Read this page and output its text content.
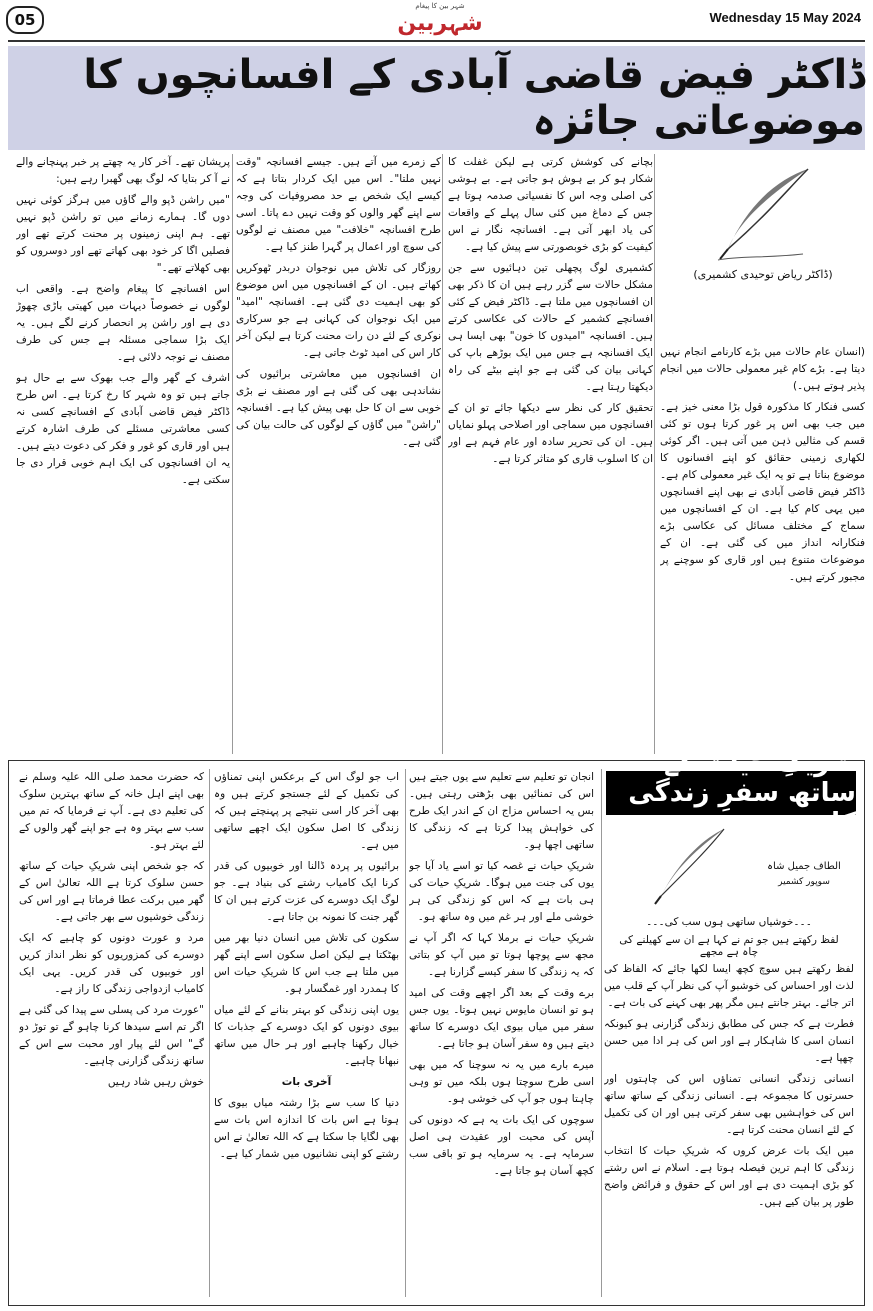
05
شہر بین کا پیغام
شہربین	Wednesday 15 May 2024
ڈاکٹر فیض قاضی آبادی کے افسانچوں کا موضوعاتی جائزہ
(ڈاکٹر ریاض توحیدی کشمیری)

(انسان عام حالات میں بڑے کارنامے انجام نہیں دیتا ہے۔ بڑے کام غیر معمولی حالات میں انجام پذیر ہوتے ہیں۔)

کسی فنکار کا مذکورہ قول بڑا معنی خیز ہے۔ میں جب بھی اس پر غور کرتا ہوں تو کئی قسم کی مثالیں ذہن میں آتی ہیں۔ اگر کوئی لکھاری زمینی حقائق کو اپنے افسانوں کا موضوع بناتا ہے تو یہ ایک غیر معمولی کام ہے۔ ڈاکٹر فیض قاضی آبادی نے بھی اپنے افسانچوں میں یہی کام کیا ہے۔ ان کے افسانچوں میں سماج کے مختلف مسائل کی عکاسی بڑے فنکارانہ انداز میں کی گئی ہے۔ ان کے موضوعات متنوع ہیں اور قاری کو سوچنے پر مجبور کرتے ہیں۔

بچانے کی کوشش کرتی ہے لیکن غفلت کا شکار ہو کر بے ہوش ہو جاتی ہے۔ بے ہوشی کی اصلی وجہ اس کا نفسیاتی صدمہ ہوتا ہے جس کے دماغ میں کئی سال پہلے کے واقعات کی یاد ابھر آتی ہے۔ افسانچہ نگار نے اس کیفیت کو بڑی خوبصورتی سے پیش کیا ہے۔

کشمیری لوگ پچھلی تین دہائیوں سے جن مشکل حالات سے گزر رہے ہیں ان کا ذکر بھی ان افسانچوں میں ملتا ہے۔ ڈاکٹر فیض کے کئی افسانچے کشمیر کے حالات کی عکاسی کرتے ہیں۔ افسانچہ "امیدوں کا خون" بھی ایسا ہی ایک افسانچہ ہے جس میں ایک بوڑھے باپ کی کہانی بیان کی گئی ہے جو اپنے بیٹے کی راہ دیکھتا رہتا ہے۔

تحقیق کار کی نظر سے دیکھا جائے تو ان کے افسانچوں میں سماجی اور اصلاحی پہلو نمایاں ہیں۔ ان کی تحریر سادہ اور عام فہم ہے اور ان کا اسلوب قاری کو متاثر کرتا ہے۔

کے زمرے میں آتے ہیں۔ جیسے افسانچہ "وقت نہیں ملتا"۔ اس میں ایک کردار بتاتا ہے کہ کیسے ایک شخص بے حد مصروفیات کی وجہ سے اپنے گھر والوں کو وقت نہیں دے پاتا۔ اسی طرح افسانچہ "خلافت" میں مصنف نے لوگوں کی سوچ اور اعمال پر گہرا طنز کیا ہے۔

روزگار کی تلاش میں نوجوان دربدر ٹھوکریں کھاتے ہیں۔ ان کے افسانچوں میں اس موضوع کو بھی اہمیت دی گئی ہے۔ افسانچہ "امید" میں ایک نوجوان کی کہانی ہے جو سرکاری نوکری کے لئے دن رات محنت کرتا ہے لیکن آخر کار اس کی امید ٹوٹ جاتی ہے۔

ان افسانچوں میں معاشرتی برائیوں کی نشاندہی بھی کی گئی ہے اور مصنف نے بڑی خوبی سے ان کا حل بھی پیش کیا ہے۔ افسانچہ "راشن" میں گاؤں کے لوگوں کی حالت بیان کی گئی ہے۔

پریشان تھے۔ آخر کار یہ چھتے پر خبر پہنچانے والے نے آ کر بتایا کہ لوگ بھی گھبرا رہے ہیں:

"میں راشن ڈپو والے گاؤں میں ہرگز کوئی نہیں دوں گا۔ ہمارے زمانے میں تو راشن ڈپو نہیں تھے۔ ہم اپنی زمینوں پر محنت کرتے تھے اور فصلیں اگا کر خود بھی کھاتے تھے اور دوسروں کو بھی کھلاتے تھے۔"

اس افسانچے کا پیغام واضح ہے۔ واقعی اب لوگوں نے خصوصاً دیہات میں کھیتی باڑی چھوڑ دی ہے اور راشن پر انحصار کرنے لگے ہیں۔ یہ ایک بڑا سماجی مسئلہ ہے جس کی طرف مصنف نے توجہ دلائی ہے۔

اشرف کے گھر والے جب بھوک سے بے حال ہو جاتے ہیں تو وہ شہر کا رخ کرتا ہے۔ اس طرح ڈاکٹر فیض قاضی آبادی کے افسانچے کسی نہ کسی معاشرتی مسئلے کی طرف اشارہ کرتے ہیں اور قاری کو غور و فکر کی دعوت دیتے ہیں۔ یہ ان افسانچوں کی ایک اہم خوبی قرار دی جا سکتی ہے۔

شریکِ حیات کے ساتھ سفرِ زندگی کا
الطاف جمیل شاہ
سوپور کشمیر
۔۔۔خوشیاں ساتھی ہوں سب کی۔۔۔
لفظ رکھتے ہیں جو تم نے کہا ہے ان سے کھیلنے کی چاہ ہے مجھے

لفظ رکھتے ہیں سوچ کچھ ایسا لکھا جائے کہ الفاظ کی لذت اور احساس کی خوشبو آپ کی نظر آپ کے قلب میں اتر جائے۔ بہتر جانتے ہیں مگر پھر بھی کہنے کی بات ہے۔

فطرت ہے کہ جس کی مطابق زندگی گزارنی ہو کیونکہ انسان اسی کا شاہکار ہے اور اس کی ہر ادا میں حسن چھپا ہے۔

انسانی زندگی انسانی تمناؤں اس کی چاہتوں اور حسرتوں کا مجموعہ ہے۔ انسانی زندگی کے ساتھ ساتھ اس کی خواہشیں بھی سفر کرتی ہیں اور ان کی تکمیل کے لئے انسان محنت کرتا ہے۔

میں ایک بات عرض کروں کہ شریکِ حیات کا انتخاب زندگی کا اہم ترین فیصلہ ہوتا ہے۔ اسلام نے اس رشتے کو بڑی اہمیت دی ہے اور اس کے حقوق و فرائض واضح طور پر بیان کیے ہیں۔

انجان تو تعلیم سے تعلیم سے یوں جیتے ہیں اس کی تمنائیں بھی بڑھتی رہتی ہیں۔ بس یہ احساس مزاج ان کے اندر ایک طرح کی خواہش پیدا کرتا ہے کہ زندگی کا ساتھی اچھا ہو۔

شریکِ حیات نے غصہ کیا تو اسے یاد آیا جو یوں کی جنت میں ہوگا۔ شریکِ حیات کی ہی بات ہے کہ اس کو زندگی کی ہر خوشی ملے اور ہر غم میں وہ ساتھ ہو۔

شریکِ حیات نے برملا کہا کہ اگر آپ نے مجھ سے پوچھا ہوتا تو میں آپ کو بتاتی کہ یہ زندگی کا سفر کیسے گزارنا ہے۔

برے وقت کے بعد اگر اچھے وقت کی امید ہو تو انسان مایوس نہیں ہوتا۔ یوں جس سفر میں میاں بیوی ایک دوسرے کا ساتھ دیتے ہیں وہ سفر آسان ہو جاتا ہے۔

میرے بارے میں یہ نہ سوچنا کہ میں بھی اسی طرح سوچتا ہوں بلکہ میں تو وہی چاہتا ہوں جو آپ کی خوشی ہو۔

سوچوں کی ایک بات یہ ہے کہ دونوں کی آپس کی محبت اور عقیدت ہی اصل سرمایہ ہے۔ یہ سرمایہ ہو تو باقی سب کچھ آسان ہو جاتا ہے۔

اب جو لوگ اس کے برعکس اپنی تمناؤں کی تکمیل کے لئے جستجو کرتے ہیں وہ بھی آخر کار اسی نتیجے پر پہنچتے ہیں کہ زندگی کا اصل سکون ایک اچھے ساتھی میں ہے۔

برائیوں پر پردہ ڈالنا اور خوبیوں کی قدر کرنا ایک کامیاب رشتے کی بنیاد ہے۔ جو لوگ ایک دوسرے کی عزت کرتے ہیں ان کا گھر جنت کا نمونہ بن جاتا ہے۔

سکون کی تلاش میں انسان دنیا بھر میں بھٹکتا ہے لیکن اصل سکون اسے اپنے گھر میں ملتا ہے جب اس کا شریکِ حیات اس کا ہمدرد اور غمگسار ہو۔

یوں اپنی زندگی کو بہتر بنانے کے لئے میاں بیوی دونوں کو ایک دوسرے کے جذبات کا خیال رکھنا چاہیے اور ہر حال میں ساتھ نبھانا چاہیے۔

آخری بات

دنیا کا سب سے بڑا رشتہ میاں بیوی کا ہوتا ہے اس بات کا اندازہ اس بات سے بھی لگایا جا سکتا ہے کہ اللہ تعالیٰ نے اس رشتے کو اپنی نشانیوں میں شمار کیا ہے۔

کہ حضرت محمد صلی اللہ علیہ وسلم نے بھی اپنے اہل خانہ کے ساتھ بہترین سلوک کی تعلیم دی ہے۔ آپ نے فرمایا کہ تم میں سب سے بہتر وہ ہے جو اپنے گھر والوں کے لئے بہتر ہو۔

کہ جو شخص اپنی شریکِ حیات کے ساتھ حسن سلوک کرتا ہے اللہ تعالیٰ اس کے گھر میں برکت عطا فرماتا ہے اور اس کی زندگی خوشیوں سے بھر جاتی ہے۔

مرد و عورت دونوں کو چاہیے کہ ایک دوسرے کی کمزوریوں کو نظر انداز کریں اور خوبیوں کی قدر کریں۔ یہی ایک کامیاب ازدواجی زندگی کا راز ہے۔

"عورت مرد کی پسلی سے پیدا کی گئی ہے اگر تم اسے سیدھا کرنا چاہو گے تو توڑ دو گے" اس لئے پیار اور محبت سے اس کے ساتھ زندگی گزارنی چاہیے۔

خوش رہیں شاد رہیں
